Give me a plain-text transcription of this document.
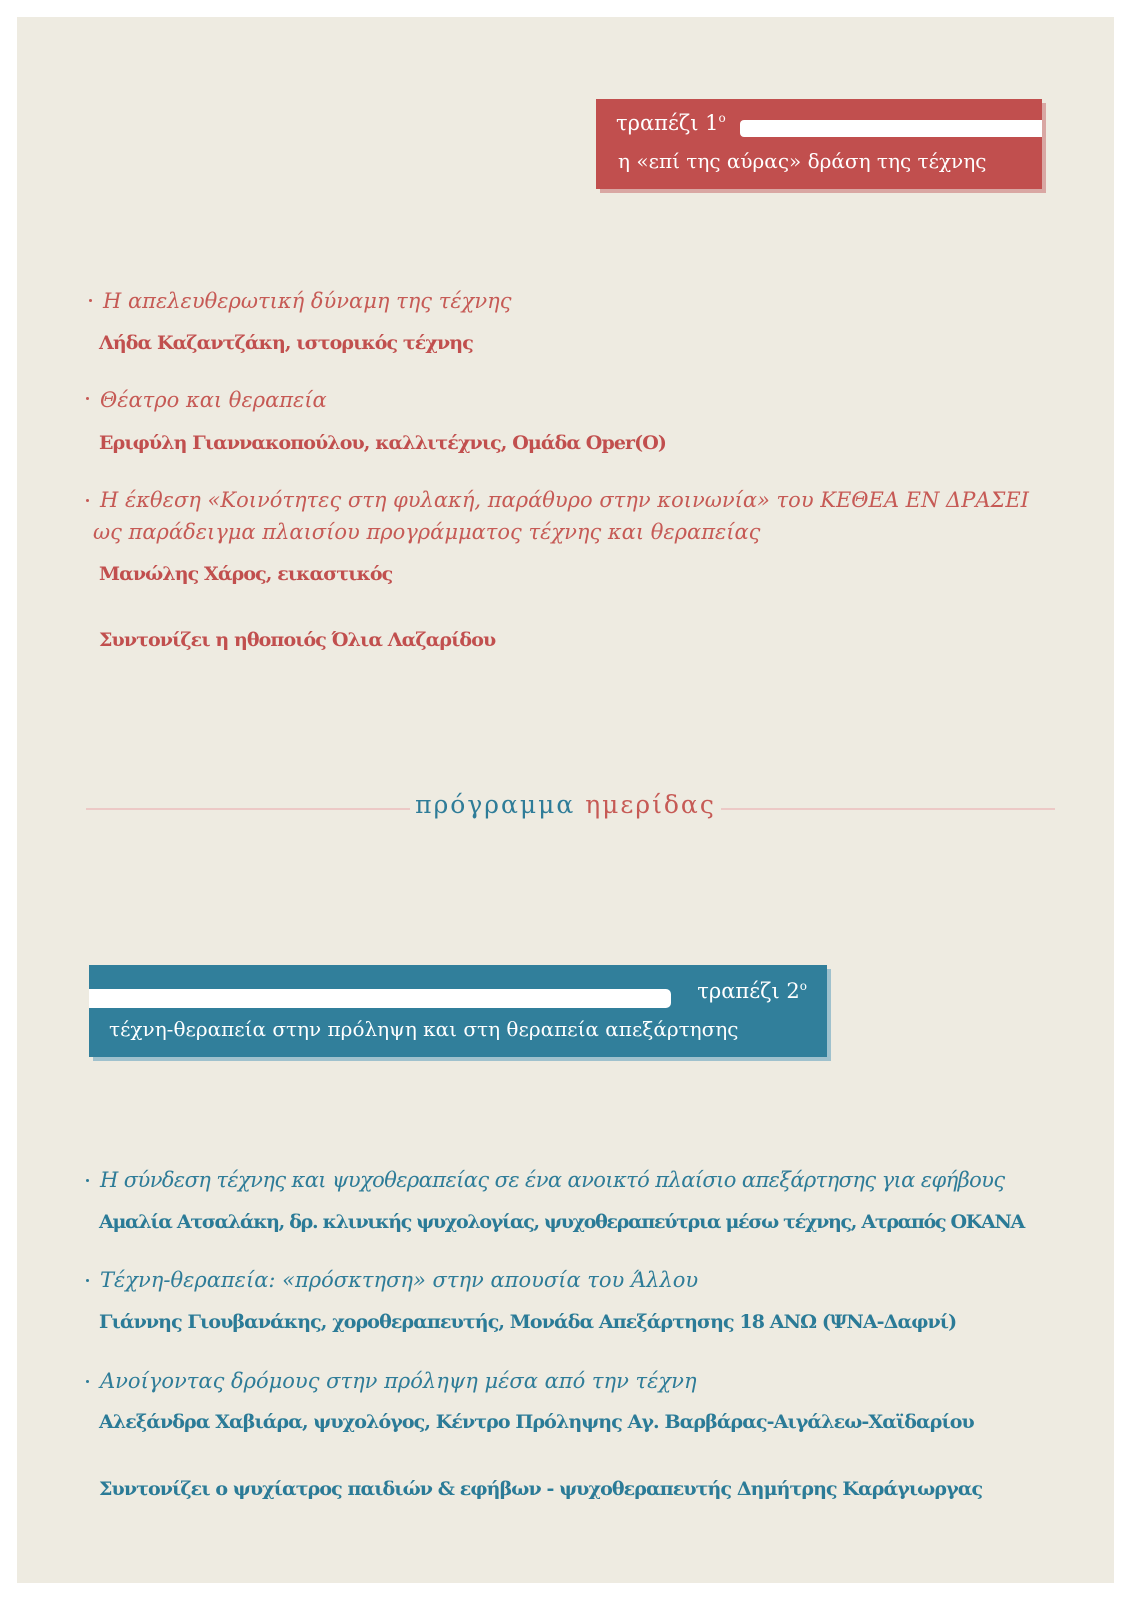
τραπέζι $1^o$
η «επί της αύρας» δράση της τέχνης
Η απελευθερωτική δύναμη της τέχνης
Λήδα Καζαντζάκη, ιστορικός τέχνης
Θέατρο και θεραπεία
Εριφύλη Γιαννακοπούλου, καλλιτέχνις, Ομάδα Oper(O)
Η έκθεση «Κοινότητες στη φυλακή, παράθυρο στην κοινωνία» του ΚΕΘΕΑ ΕΝ ΔΡΑΣΕΙ
ως παράδειγμα πλαισίου προγράμματος τέχνης και θεραπείας
Μανώλης Χάρος, εικαστικός
Συντονίζει η ηθοποιός Όλια Λαζαρίδου
πρόγραμμα ημερίδας
τραπέζι $2^o$
τέχνη-θεραπεία στην πρόληψη και στη θεραπεία απεξάρτησης
Η σύνδεση τέχνης και ψυχοθεραπείας σε ένα ανοικτό πλαίσιο απεξάρτησης για εφήβους
Αμαλία Ατσαλάκη, δρ. κλινικής ψυχολογίας, ψυχοθεραπεύτρια μέσω τέχνης, Ατραπός ΟΚΑΝΑ
Τέχνη-θεραπεία: «πρόσκτηση» στην απουσία του Άλλου
Γιάννης Γιουβανάκης, χοροθεραπευτής, Μονάδα Απεξάρτησης 18 ΑΝΩ (ΨΝΑ-Δαφνί)
Ανοίγοντας δρόμους στην πρόληψη μέσα από την τέχνη
Αλεξάνδρα Χαβιάρα, ψυχολόγος, Κέντρο Πρόληψης Αγ. Βαρβάρας-Αιγάλεω-Χαϊδαρίου
Συντονίζει ο ψυχίατρος παιδιών & εφήβων - ψυχοθεραπευτής Δημήτρης Καράγιωργας
